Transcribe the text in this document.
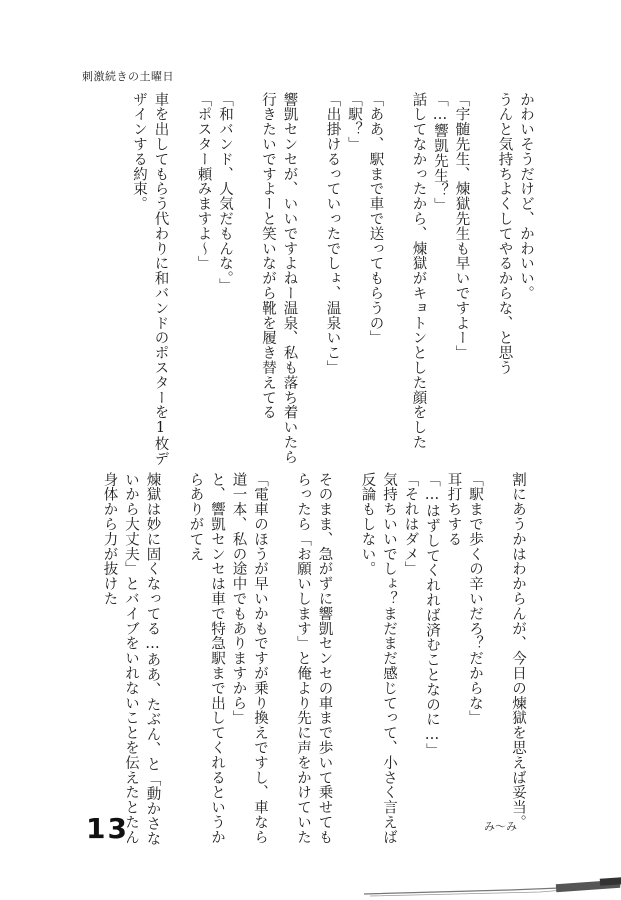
刺激続きの土曜日
かわいそうだけど、かわいい。
うんと気持ちよくしてやるからな、と思う
「宇髄先生、煉獄先生も早いですよー」
「…響凱先生？」
話してなかったから、煉獄がキョトンとした顔をした
「ああ、駅まで車で送ってもらうの」
「駅？」
「出掛けるっていったでしょ、温泉いこ」
響凱センセが、いいですよねー温泉、私も落ち着いたら
行きたいですよーと笑いながら靴を履き替えてる
「和バンド、人気だもんな。」
「ポスター頼みますよ～」
車を出してもらう代わりに和バンドのポスターを1枚デ
ザインする約束。
割にあうかはわからんが、今日の煉獄を思えば妥当。
「駅まで歩くの辛いだろ？だからな」
耳打ちする
「…はずしてくれれば済むことなのに…」
「それはダメ」
気持ちいいでしょ？まだまだ感じてって、小さく言えば
反論もしない。
そのまま、急がずに響凱センセの車まで歩いて乗せても
らったら「お願いします」と俺より先に声をかけていた
「電車のほうが早いかもですが乗り換えですし、車なら
道一本、私の途中でもありますから」
と、響凱センセは車で特急駅まで出してくれるというか
らありがてえ
煉獄は妙に固くなってる…ああ、たぶん、と「動かさな
いから大丈夫」とバイブをいれないことを伝えたとたん
身体から力が抜けた
13	み～み
